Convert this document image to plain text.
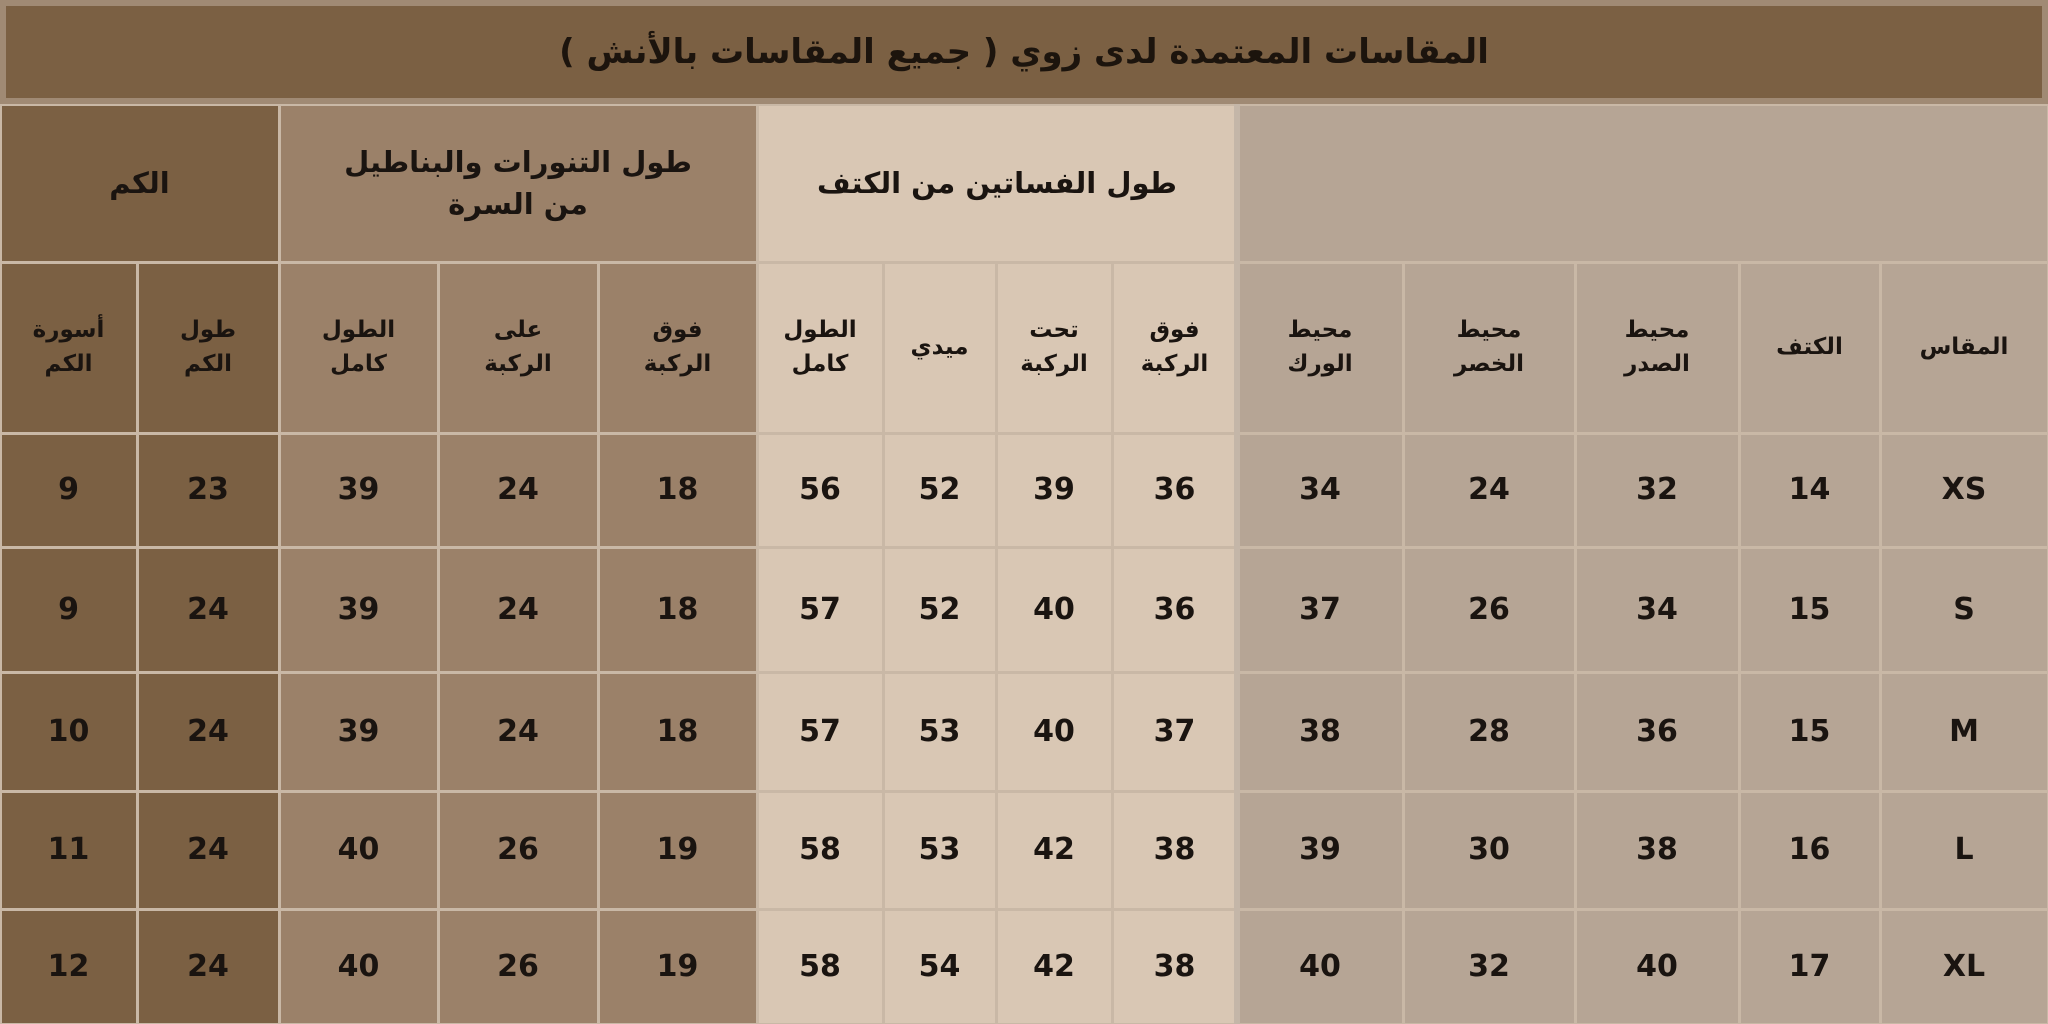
المقاسات المعتمدة لدى زوي ( جميع المقاسات بالأنش )
طول الفساتين من الكتف
طول التنورات والبناطيل من السرة
الكم
المقاس
الكتف
محيط الصدر
محيط الخصر
محيط الورك
فوق الركبة
تحت الركبة
ميدي
الطول كامل
فوق الركبة
على الركبة
الطول كامل
طول الكم
أسورة الكم
XS
14
32
24
34
36
39
52
56
18
24
39
23
9
S
15
34
26
37
36
40
52
57
18
24
39
24
9
M
15
36
28
38
37
40
53
57
18
24
39
24
10
L
16
38
30
39
38
42
53
58
19
26
40
24
11
XL
17
40
32
40
38
42
54
58
19
26
40
24
12
